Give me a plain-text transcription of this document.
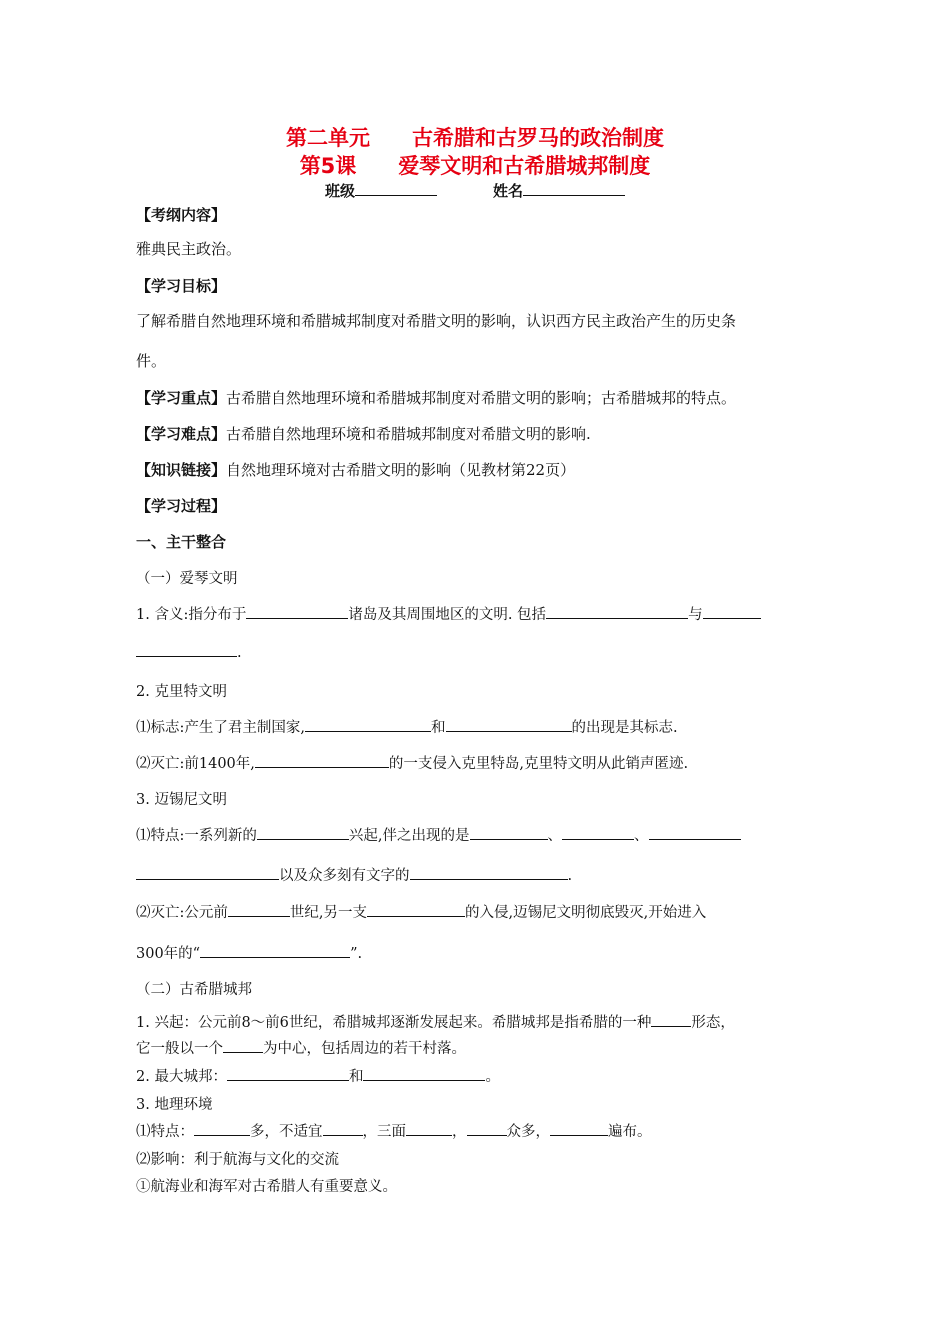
第二单元　　古希腊和古罗马的政治制度
第5课　　爱琴文明和古希腊城邦制度
班级	姓名
【考纲内容】
雅典民主政治。
【学习目标】
了解希腊自然地理环境和希腊城邦制度对希腊文明的影响，认识西方民主政治产生的历史条
件。
【学习重点】古希腊自然地理环境和希腊城邦制度对希腊文明的影响；古希腊城邦的特点。
【学习难点】古希腊自然地理环境和希腊城邦制度对希腊文明的影响.
【知识链接】自然地理环境对古希腊文明的影响（见教材第22页）
【学习过程】
一、主干整合
（一）爱琴文明
1. 含义:指分布于	诸岛及其周围地区的文明. 包括	与
.
2. 克里特文明
⑴标志:产生了君主制国家,	和	的出现是其标志.
⑵灭亡:前1400年,	的一支侵入克里特岛,克里特文明从此销声匿迹.
3. 迈锡尼文明
⑴特点:一系列新的	兴起,伴之出现的是	、	、
以及众多刻有文字的	.
⑵灭亡:公元前	世纪,另一支	的入侵,迈锡尼文明彻底毁灭,开始进入
300年的“	”.
（二）古希腊城邦
1. 兴起：公元前8～前6世纪，希腊城邦逐渐发展起来。希腊城邦是指希腊的一种	形态，
它一般以一个	为中心，包括周边的若干村落。
2. 最大城邦：	和	。
3. 地理环境
⑴特点：	多，不适宜	，三面	，	众多，	遍布。
⑵影响：利于航海与文化的交流
①航海业和海军对古希腊人有重要意义。
